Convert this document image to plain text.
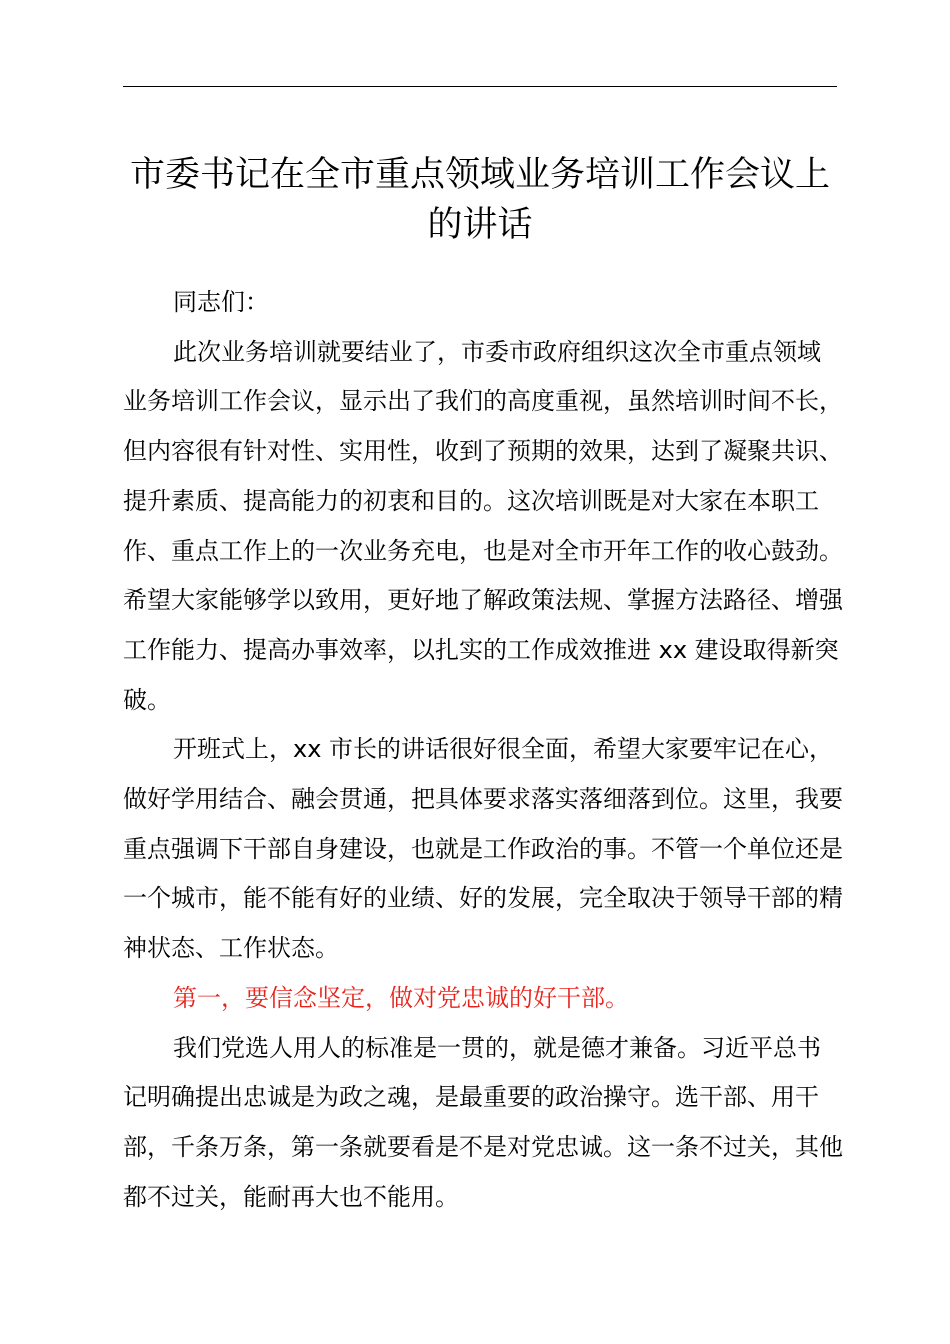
市委书记在全市重点领域业务培训工作会议上
的讲话

同志们：

此次业务培训就要结业了，市委市政府组织这次全市重点领域业务培训工作会议，显示出了我们的高度重视，虽然培训时间不长，但内容很有针对性、实用性，收到了预期的效果，达到了凝聚共识、提升素质、提高能力的初衷和目的。这次培训既是对大家在本职工作、重点工作上的一次业务充电，也是对全市开年工作的收心鼓劲。希望大家能够学以致用，更好地了解政策法规、掌握方法路径、增强工作能力、提高办事效率，以扎实的工作成效推进 xx 建设取得新突破。

开班式上，xx 市长的讲话很好很全面，希望大家要牢记在心，做好学用结合、融会贯通，把具体要求落实落细落到位。这里，我要重点强调下干部自身建设，也就是工作政治的事。不管一个单位还是一个城市，能不能有好的业绩、好的发展，完全取决于领导干部的精神状态、工作状态。

第一，要信念坚定，做对党忠诚的好干部。

我们党选人用人的标准是一贯的，就是德才兼备。习近平总书记明确提出忠诚是为政之魂，是最重要的政治操守。选干部、用干部，千条万条，第一条就要看是不是对党忠诚。这一条不过关，其他都不过关，能耐再大也不能用。
